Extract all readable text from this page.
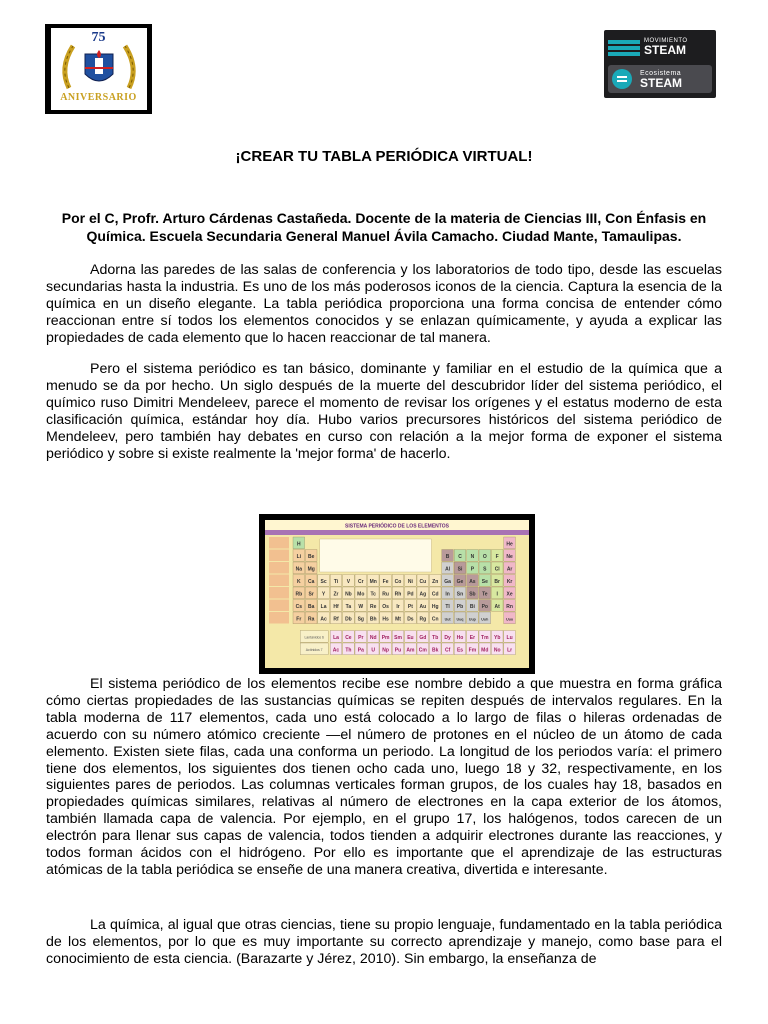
75
ANIVERSARIO
MOVIMIENTO
STEAM
Ecosistema
STEAM
¡CREAR TU TABLA PERIÓDICA VIRTUAL!

Por el C, Profr. Arturo Cárdenas Castañeda. Docente de la materia de Ciencias III, Con Énfasis en Química. Escuela Secundaria General Manuel Ávila Camacho. Ciudad Mante, Tamaulipas.

Adorna las paredes de las salas de conferencia y los laboratorios de todo tipo, desde las escuelas secundarias hasta la industria. Es uno de los más poderosos iconos de la ciencia. Captura la esencia de la química en un diseño elegante. La tabla periódica proporciona una forma concisa de entender cómo reaccionan entre sí todos los elementos conocidos y se enlazan químicamente, y ayuda a explicar las propiedades de cada elemento que lo hacen reaccionar de tal manera.

Pero el sistema periódico es tan básico, dominante y familiar en el estudio de la química que a menudo se da por hecho. Un siglo después de la muerte del descubridor líder del sistema periódico, el químico ruso Dimitri Mendeleev, parece el momento de revisar los orígenes y el estatus moderno de esta clasificación química, estándar hoy día. Hubo varios precursores históricos del sistema periódico de Mendeleev, pero también hay debates en curso con relación a la mejor forma de exponer el sistema periódico y sobre si existe realmente la 'mejor forma' de hacerlo.

SISTEMA PERIÓDICO DE LOS ELEMENTOS
H	He
Li Be	B C N O F Ne
Na Mg	Al Si P S Cl Ar
K Ca Sc Ti V Cr Mn Fe Co Ni Cu Zn Ga Ge As Se Br Kr
Rb Sr Y Zr Nb Mo Tc Ru Rh Pd Ag Cd In Sn Sb Te I Xe
Cs Ba La Hf Ta W Re Os Ir Pt Au Hg Tl Pb Bi Po At Rn
Fr Ra Ac Rf Db Sg Bh Hs Mt Ds Rg Cn Uut Uuq Uup Uuh	Uuo
Lantánidos 6 La Ce Pr Nd Pm Sm Eu Gd Tb Dy Ho Er Tm Yb Lu
Actínidos 7 Ac Th Pa U Np Pu Am Cm Bk Cf Es Fm Md No Lr

El sistema periódico de los elementos recibe ese nombre debido a que muestra en forma gráfica cómo ciertas propiedades de las sustancias químicas se repiten después de intervalos regulares. En la tabla moderna de 117 elementos, cada uno está colocado a lo largo de filas o hileras ordenadas de acuerdo con su número atómico creciente —el número de protones en el núcleo de un átomo de cada elemento. Existen siete filas, cada una conforma un periodo. La longitud de los periodos varía: el primero tiene dos elementos, los siguientes dos tienen ocho cada uno, luego 18 y 32, respectivamente, en los siguientes pares de periodos. Las columnas verticales forman grupos, de los cuales hay 18, basados en propiedades químicas similares, relativas al número de electrones en la capa exterior de los átomos, también llamada capa de valencia. Por ejemplo, en el grupo 17, los halógenos, todos carecen de un electrón para llenar sus capas de valencia, todos tienden a adquirir electrones durante las reacciones, y todos forman ácidos con el hidrógeno. Por ello es importante que el aprendizaje de las estructuras atómicas de la tabla periódica se enseñe de una manera creativa, divertida e interesante.

La química, al igual que otras ciencias, tiene su propio lenguaje, fundamentado en la tabla periódica de los elementos, por lo que es muy importante su correcto aprendizaje y manejo, como base para el conocimiento de esta ciencia. (Barazarte y Jérez, 2010). Sin embargo, la enseñanza de
